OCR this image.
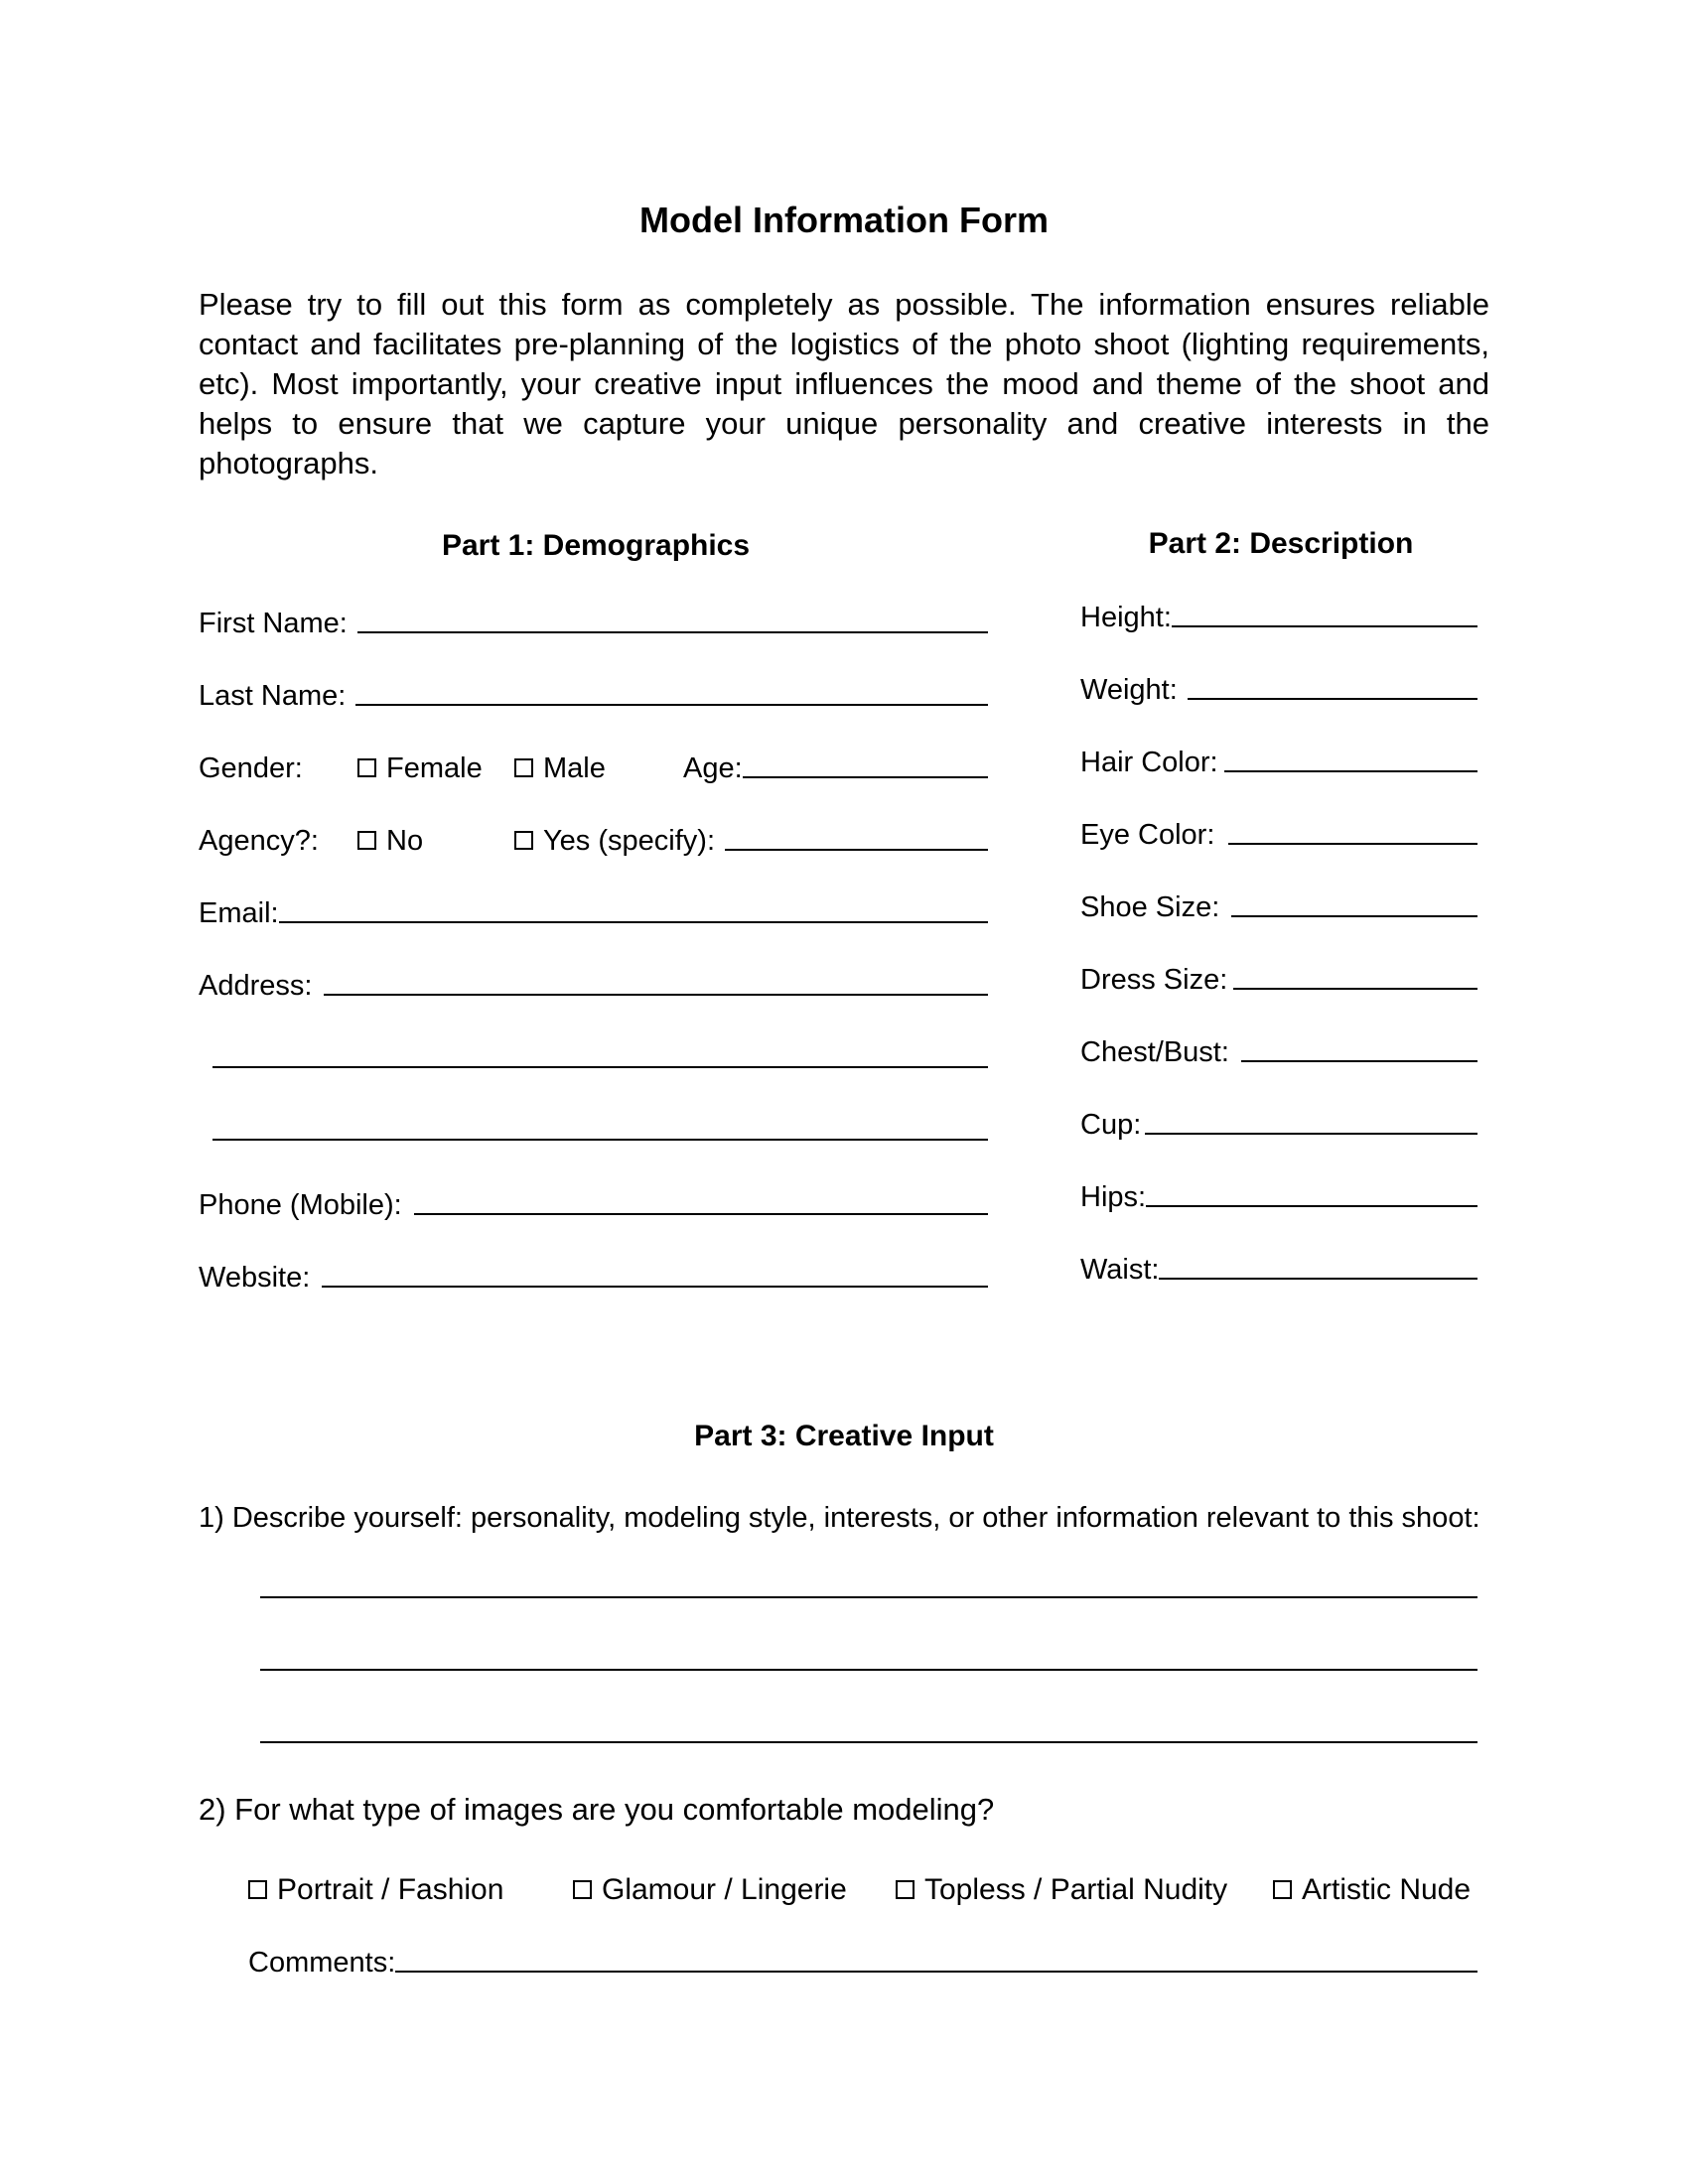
Model Information Form
Please try to fill out this form as completely as possible. The information ensures reliable contact and facilitates pre-planning of the logistics of the photo shoot (lighting requirements, etc). Most importantly, your creative input influences the mood and theme of the shoot and helps to ensure that we capture your unique personality and creative interests in the photographs.
Part 1: Demographics	Part 2: Description
First Name:
Last Name:
Gender:	Female Male	Age:
Agency?:	No	Yes (specify):
Email:
Address:
Phone (Mobile):
Website:
Height:
Weight:
Hair Color:
Eye Color:
Shoe Size:
Dress Size:
Chest/Bust:
Cup:
Hips:
Waist:
Part 3: Creative Input
1) Describe yourself: personality, modeling style, interests, or other information relevant to this shoot:
2) For what type of images are you comfortable modeling?
Portrait / Fashion	Glamour / Lingerie	Topless / Partial Nudity Artistic Nude
Comments:
